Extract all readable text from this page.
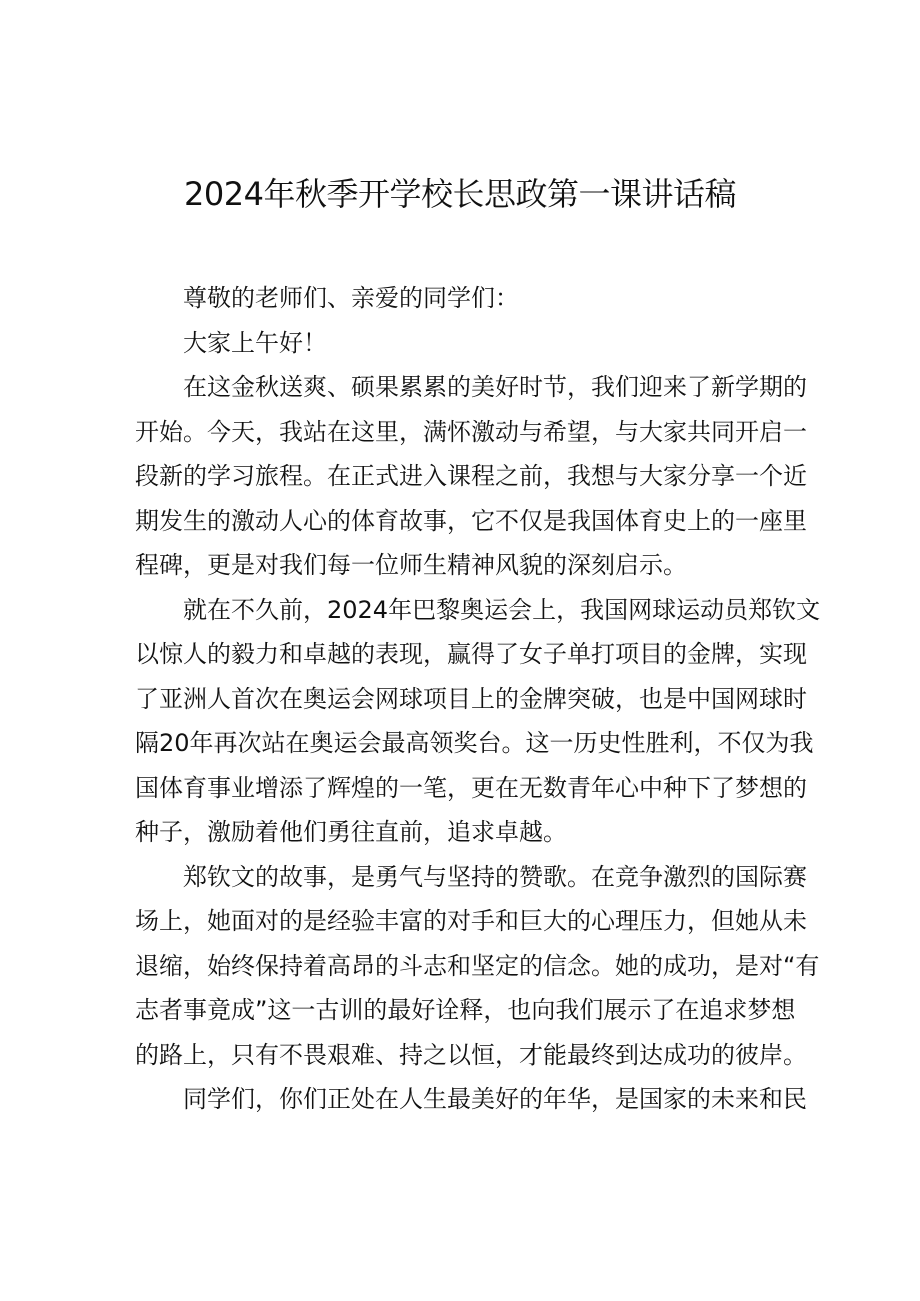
2024年秋季开学校长思政第一课讲话稿
尊敬的老师们、亲爱的同学们：
大家上午好！
在这金秋送爽、硕果累累的美好时节，我们迎来了新学期的
开始。今天，我站在这里，满怀激动与希望，与大家共同开启一
段新的学习旅程。在正式进入课程之前，我想与大家分享一个近
期发生的激动人心的体育故事，它不仅是我国体育史上的一座里
程碑，更是对我们每一位师生精神风貌的深刻启示。
就在不久前，2024年巴黎奥运会上，我国网球运动员郑钦文
以惊人的毅力和卓越的表现，赢得了女子单打项目的金牌，实现
了亚洲人首次在奥运会网球项目上的金牌突破，也是中国网球时
隔20年再次站在奥运会最高领奖台。这一历史性胜利，不仅为我
国体育事业增添了辉煌的一笔，更在无数青年心中种下了梦想的
种子，激励着他们勇往直前，追求卓越。
郑钦文的故事，是勇气与坚持的赞歌。在竞争激烈的国际赛
场上，她面对的是经验丰富的对手和巨大的心理压力，但她从未
退缩，始终保持着高昂的斗志和坚定的信念。她的成功，是对“有
志者事竟成”这一古训的最好诠释，也向我们展示了在追求梦想
的路上，只有不畏艰难、持之以恒，才能最终到达成功的彼岸。
同学们，你们正处在人生最美好的年华，是国家的未来和民
